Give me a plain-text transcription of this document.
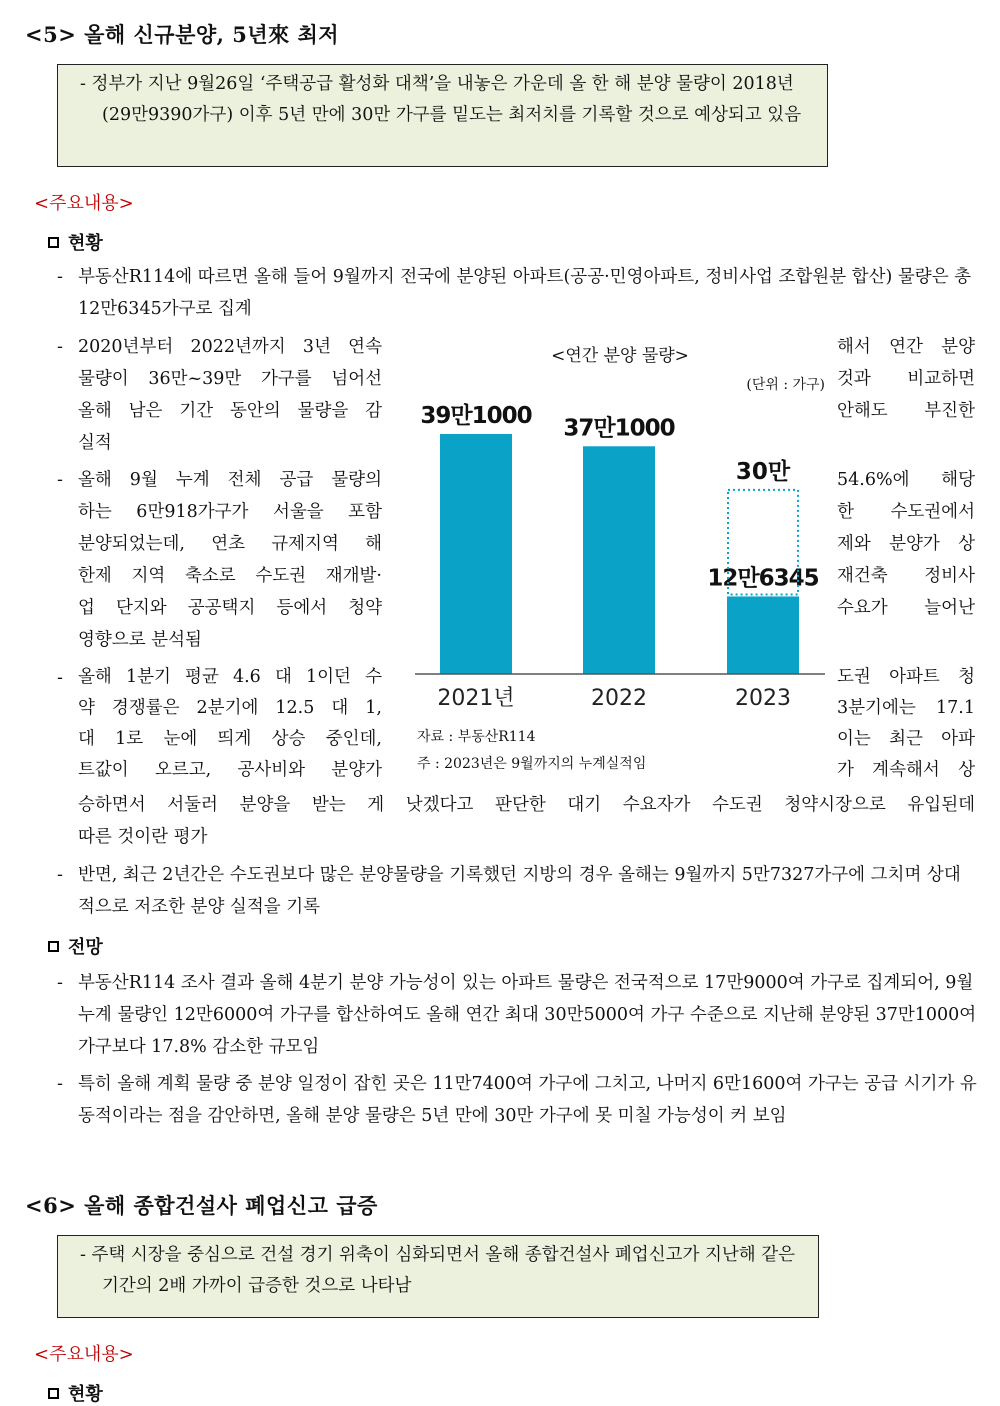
<5> 올해 신규분양, 5년來 최저
- 정부가 지난 9월26일 ‘주택공급 활성화 대책’을 내놓은 가운데 올 한 해 분양 물량이 2018년(29만9390가구) 이후 5년 만에 30만 가구를 밑도는 최저치를 기록할 것으로 예상되고 있음
<주요내용>
현황
- 부동산R114에 따르면 올해 들어 9월까지 전국에 분양된 아파트(공공·민영아파트, 정비사업 조합원분 합산) 물량은 총 12만6345가구로 집계
- 2020년부터 2022년까지 3년 연속
물량이 36만~39만 가구를 넘어선
올해 남은 기간 동안의 물량을 감
실적
해서 연간 분양
것과 비교하면
안해도 부진한
- 올해 9월 누계 전체 공급 물량의
하는 6만918가구가 서울을 포함
분양되었는데, 연초 규제지역 해
한제 지역 축소로 수도권 재개발·
업 단지와 공공택지 등에서 청약
영향으로 분석됨
54.6%에 해당
한 수도권에서
제와 분양가 상
재건축 정비사
수요가 늘어난
- 올해 1분기 평균 4.6 대 1이던 수
약 경쟁률은 2분기에 12.5 대 1,
대 1로 눈에 띄게 상승 중인데,
트값이 오르고, 공사비와 분양가
도권 아파트 청
3분기에는 17.1
이는 최근 아파
가 계속해서 상
승하면서 서둘러 분양을 받는 게 낫겠다고 판단한 대기 수요자가 수도권 청약시장으로 유입된데
따른 것이란 평가
<연간 분양 물량>
(단위 : 가구)
39만1000
2021년
37만1000
2022
12만6345
2023
30만
자료 : 부동산R114
주 : 2023년은 9월까지의 누계실적임
- 반면, 최근 2년간은 수도권보다 많은 분양물량을 기록했던 지방의 경우 올해는 9월까지 5만7327가구에 그치며 상대적으로 저조한 분양 실적을 기록
전망
- 부동산R114 조사 결과 올해 4분기 분양 가능성이 있는 아파트 물량은 전국적으로 17만9000여 가구로 집계되어, 9월 누계 물량인 12만6000여 가구를 합산하여도 올해 연간 최대 30만5000여 가구 수준으로 지난해 분양된 37만1000여 가구보다 17.8% 감소한 규모임
- 특히 올해 계획 물량 중 분양 일정이 잡힌 곳은 11만7400여 가구에 그치고, 나머지 6만1600여 가구는 공급 시기가 유동적이라는 점을 감안하면, 올해 분양 물량은 5년 만에 30만 가구에 못 미칠 가능성이 커 보임
<6> 올해 종합건설사 폐업신고 급증
- 주택 시장을 중심으로 건설 경기 위축이 심화되면서 올해 종합건설사 폐업신고가 지난해 같은 기간의 2배 가까이 급증한 것으로 나타남
<주요내용>
현황
